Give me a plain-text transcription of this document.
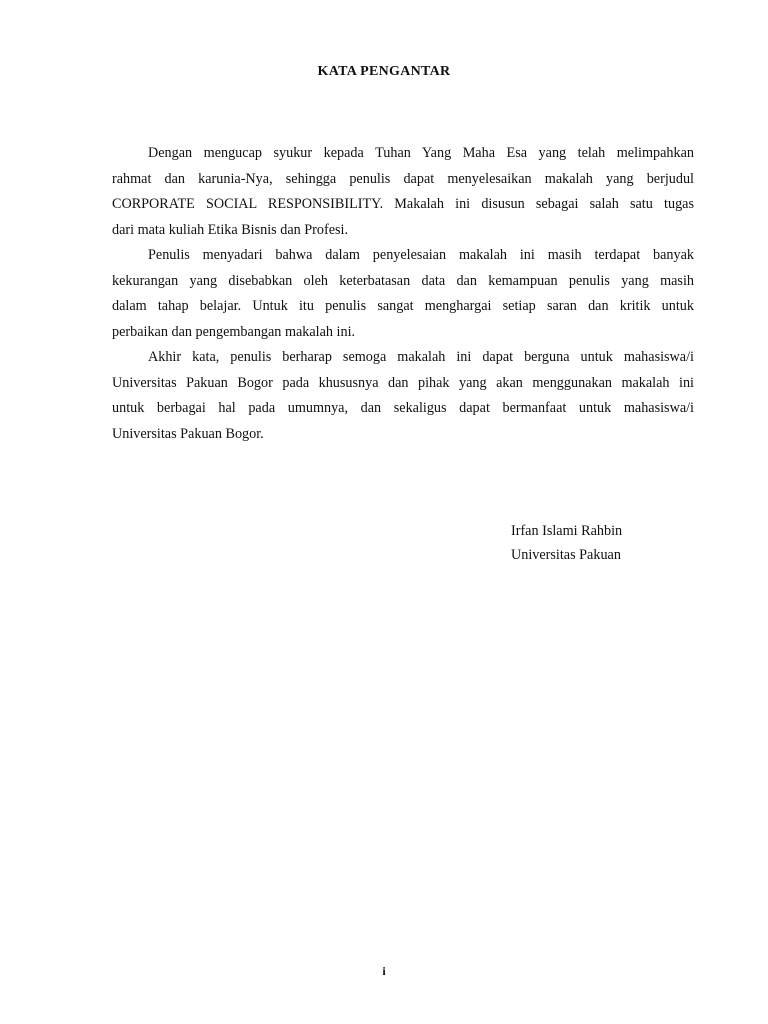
KATA PENGANTAR
Dengan mengucap syukur kepada Tuhan Yang Maha Esa yang telah melimpahkan
rahmat dan karunia-Nya, sehingga penulis dapat menyelesaikan makalah yang berjudul
CORPORATE SOCIAL RESPONSIBILITY. Makalah ini disusun sebagai salah satu tugas
dari mata kuliah Etika Bisnis dan Profesi.
Penulis menyadari bahwa dalam penyelesaian makalah ini masih terdapat banyak
kekurangan yang disebabkan oleh keterbatasan data dan kemampuan penulis yang masih
dalam tahap belajar. Untuk itu penulis sangat menghargai setiap saran dan kritik untuk
perbaikan dan pengembangan makalah ini.
Akhir kata, penulis berharap semoga makalah ini dapat berguna untuk mahasiswa/i
Universitas Pakuan Bogor pada khususnya dan pihak yang akan menggunakan makalah ini
untuk berbagai hal pada umumnya, dan sekaligus dapat bermanfaat untuk mahasiswa/i
Universitas Pakuan Bogor.
Irfan Islami Rahbin
Universitas Pakuan
i
